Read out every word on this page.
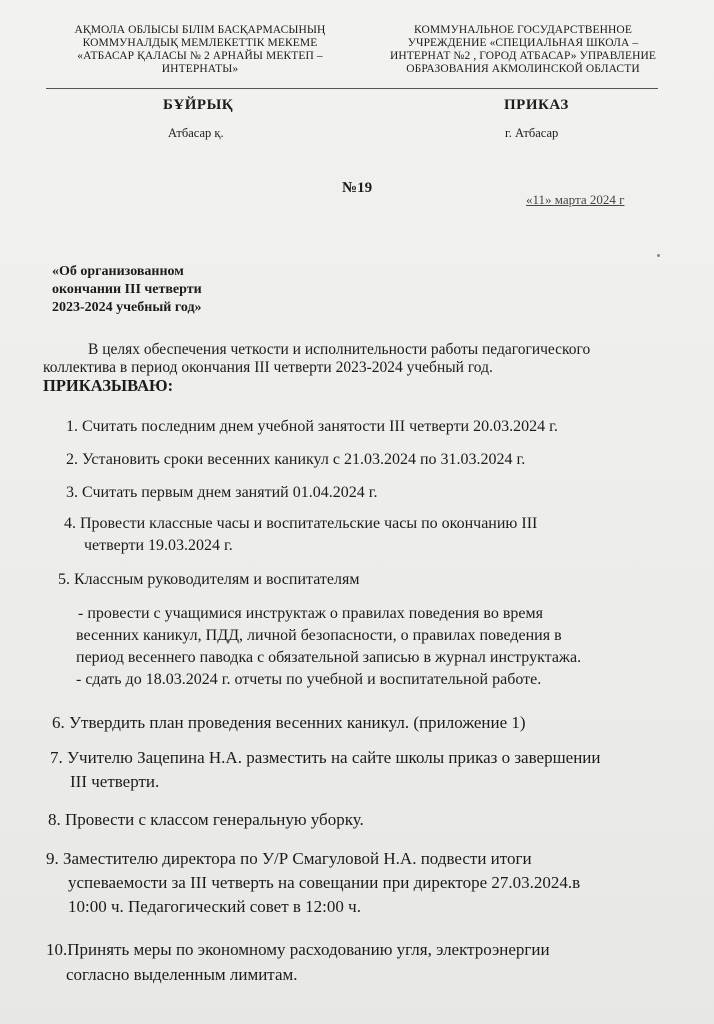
АҚМОЛА ОБЛЫСЫ БІЛІМ БАСҚАРМАСЫНЫҢ
КОММУНАЛДЫҚ МЕМЛЕКЕТТІК МЕКЕМЕ
«АТБАСАР ҚАЛАСЫ № 2 АРНАЙЫ МЕКТЕП –
ИНТЕРНАТЫ»
КОММУНАЛЬНОЕ ГОСУДАРСТВЕННОЕ
УЧРЕЖДЕНИЕ «СПЕЦИАЛЬНАЯ ШКОЛА –
ИНТЕРНАТ №2 , ГОРОД АТБАСАР» УПРАВЛЕНИЕ
ОБРАЗОВАНИЯ АКМОЛИНСКОЙ ОБЛАСТИ
БҰЙРЫҚ	ПРИКАЗ
Атбасар қ.	г. Атбасар
№19
«11» марта 2024 г
«Об организованном
окончании III четверти
2023-2024 учебный год»
В целях обеспечения четкости и исполнительности работы педагогического
коллектива в период окончания III четверти 2023-2024 учебный год.
ПРИКАЗЫВАЮ:
1. Считать последним днем учебной занятости III четверти 20.03.2024 г.
2. Установить сроки весенних каникул с 21.03.2024 по 31.03.2024 г.
3. Считать первым днем занятий 01.04.2024 г.
4. Провести классные часы и воспитательские часы по окончанию III
четверти 19.03.2024 г.
5. Классным руководителям и воспитателям
- провести с учащимися инструктаж о правилах поведения во время
весенних каникул, ПДД, личной безопасности, о правилах поведения в
период весеннего паводка с обязательной записью в журнал инструктажа.
- сдать до 18.03.2024 г. отчеты по учебной и воспитательной работе.
6. Утвердить план проведения весенних каникул. (приложение 1)
7. Учителю Зацепина Н.А. разместить на сайте школы приказ о завершении
III четверти.
8. Провести с классом генеральную уборку.
9. Заместителю директора по У/Р Смагуловой Н.А. подвести итоги
успеваемости за III четверть на совещании при директоре 27.03.2024.в
10:00 ч. Педагогический совет в 12:00 ч.
10.Принять меры по экономному расходованию угля, электроэнергии
согласно выделенным лимитам.
